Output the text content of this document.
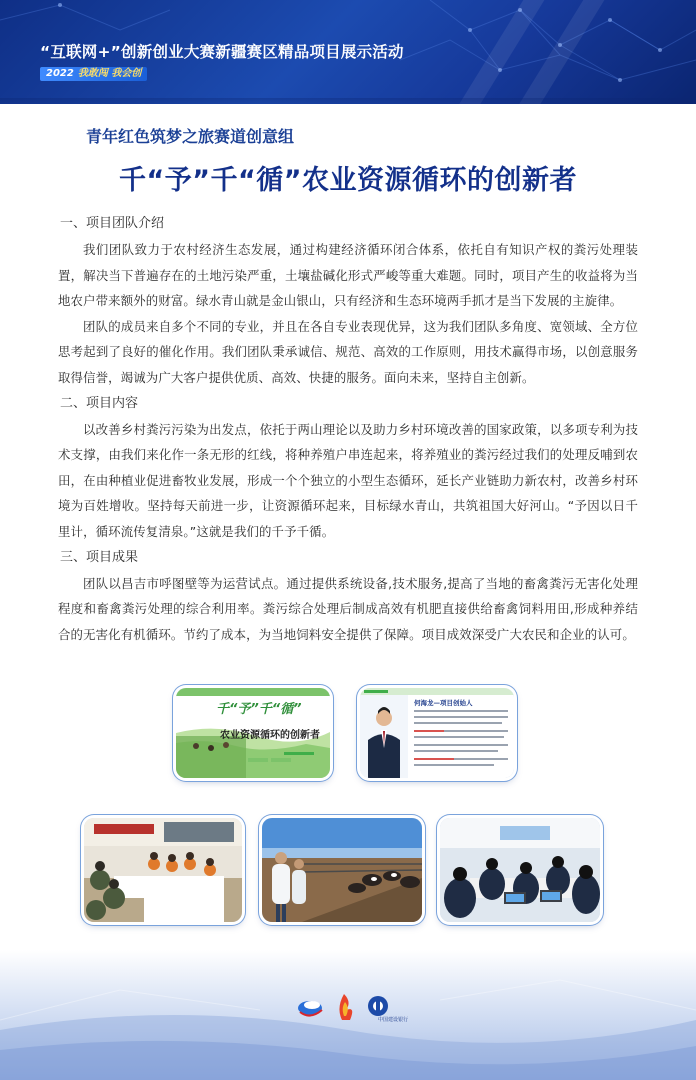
“互联网+”创新创业大赛新疆赛区精品项目展示活动
2022 我敢闯 我会创
青年红色筑梦之旅赛道创意组
千“予”千“循”农业资源循环的创新者

一、项目团队介绍

我们团队致力于农村经济生态发展，通过构建经济循环闭合体系，依托自有知识产权的粪污处理装置，解决当下普遍存在的土地污染严重，土壤盐碱化形式严峻等重大难题。同时，项目产生的收益将为当地农户带来额外的财富。绿水青山就是金山银山，只有经济和生态环境两手抓才是当下发展的主旋律。

团队的成员来自多个不同的专业，并且在各自专业表现优异，这为我们团队多角度、宽领域、全方位思考起到了良好的催化作用。我们团队秉承诚信、规范、高效的工作原则，用技术赢得市场，以创意服务取得信誉，竭诚为广大客户提供优质、高效、快捷的服务。面向未来，坚持自主创新。

二、项目内容

以改善乡村粪污污染为出发点，依托于两山理论以及助力乡村环境改善的国家政策，以多项专利为技术支撑，由我们来化作一条无形的红线，将种养殖户串连起来，将养殖业的粪污经过我们的处理反哺到农田，在由种植业促进畜牧业发展，形成一个个独立的小型生态循环，延长产业链助力新农村，改善乡村环境为百姓增收。坚持每天前进一步，让资源循环起来，目标绿水青山，共筑祖国大好河山。“予因以日千里计，循环流传复清泉。”这就是我们的千予千循。

三、项目成果

团队以昌吉市呼图壁等为运营试点。通过提供系统设备,技术服务,提高了当地的畜禽粪污无害化处理程度和畜禽粪污处理的综合利用率。粪污综合处理后制成高效有机肥直接供给畜禽饲料用田,形成种养结合的无害化有机循环。节约了成本，为当地饲料安全提供了保障。项目成效深受广大农民和企业的认可。

千“予”千“循”
农业资源循环的创新者
何海龙—项目创始人
中国建设银行
